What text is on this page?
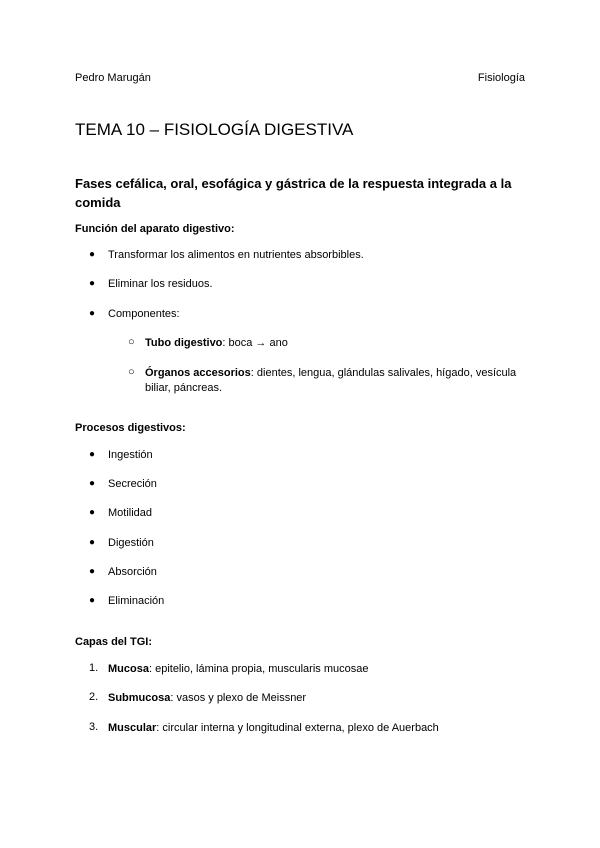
Pedro Marugán	Fisiología
TEMA 10 – FISIOLOGÍA DIGESTIVA
Fases cefálica, oral, esofágica y gástrica de la respuesta integrada a la comida
Función del aparato digestivo:
● Transformar los alimentos en nutrientes absorbibles.
● Eliminar los residuos.
● Componentes:
○ Tubo digestivo: boca → ano
○ Órganos accesorios: dientes, lengua, glándulas salivales, hígado, vesícula biliar, páncreas.
Procesos digestivos:
● Ingestión
● Secreción
● Motilidad
● Digestión
● Absorción
● Eliminación
Capas del TGI:
1. Mucosa: epitelio, lámina propia, muscularis mucosae
2. Submucosa: vasos y plexo de Meissner
3. Muscular: circular interna y longitudinal externa, plexo de Auerbach
